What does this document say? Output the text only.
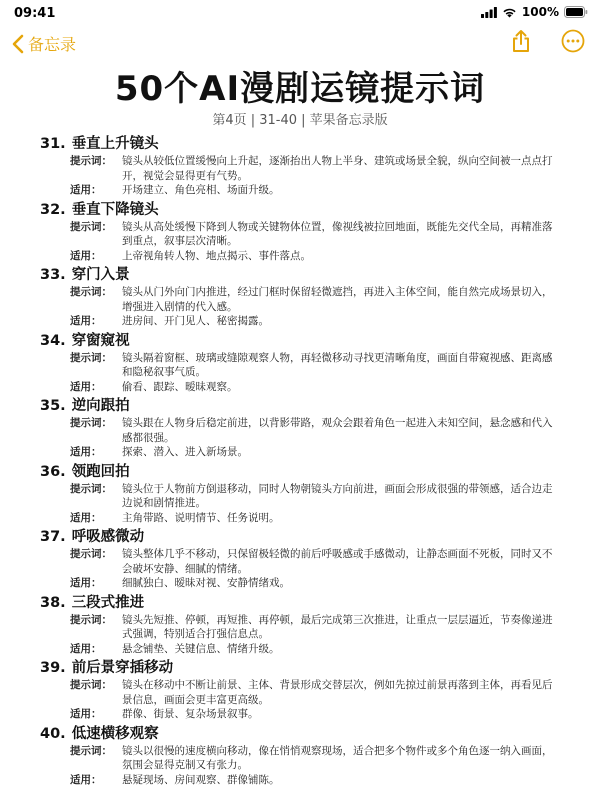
09:41	100%
备忘录
50个AI漫剧运镜提示词
第4页 | 31-40 | 苹果备忘录版
31. 垂直上升镜头
提示词： 镜头从较低位置缓慢向上升起，逐渐抬出人物上半身、建筑或场景全貌，纵向空间被一点点打开，视觉会显得更有气势。
适用：	开场建立、角色亮相、场面升级。
32. 垂直下降镜头
提示词： 镜头从高处缓慢下降到人物或关键物体位置，像视线被拉回地面，既能先交代全局，再精准落到重点，叙事层次清晰。
适用：	上帝视角转人物、地点揭示、事件落点。
33. 穿门入景
提示词： 镜头从门外向门内推进，经过门框时保留轻微遮挡，再进入主体空间，能自然完成场景切入，增强进入剧情的代入感。
适用：	进房间、开门见人、秘密揭露。
34. 穿窗窥视
提示词： 镜头隔着窗框、玻璃或缝隙观察人物，再轻微移动寻找更清晰角度，画面自带窥视感、距离感和隐秘叙事气质。
适用：	偷看、跟踪、暧昧观察。
35. 逆向跟拍
提示词： 镜头跟在人物身后稳定前进，以背影带路，观众会跟着角色一起进入未知空间，悬念感和代入感都很强。
适用：	探索、潜入、进入新场景。
36. 领跑回拍
提示词： 镜头位于人物前方倒退移动，同时人物朝镜头方向前进，画面会形成很强的带领感，适合边走边说和剧情推进。
适用：	主角带路、说明情节、任务说明。
37. 呼吸感微动
提示词： 镜头整体几乎不移动，只保留极轻微的前后呼吸感或手感微动，让静态画面不死板，同时又不会破坏安静、细腻的情绪。
适用：	细腻独白、暧昧对视、安静情绪戏。
38. 三段式推进
提示词： 镜头先短推、停顿，再短推、再停顿，最后完成第三次推进，让重点一层层逼近，节奏像递进式强调，特别适合打强信息点。
适用：	悬念铺垫、关键信息、情绪升级。
39. 前后景穿插移动
提示词： 镜头在移动中不断让前景、主体、背景形成交替层次，例如先掠过前景再落到主体，再看见后景信息，画面会更丰富更高级。
适用：	群像、街景、复杂场景叙事。
40. 低速横移观察
提示词： 镜头以很慢的速度横向移动，像在悄悄观察现场，适合把多个物件或多个角色逐一纳入画面，氛围会显得克制又有张力。
适用：	悬疑现场、房间观察、群像铺陈。
